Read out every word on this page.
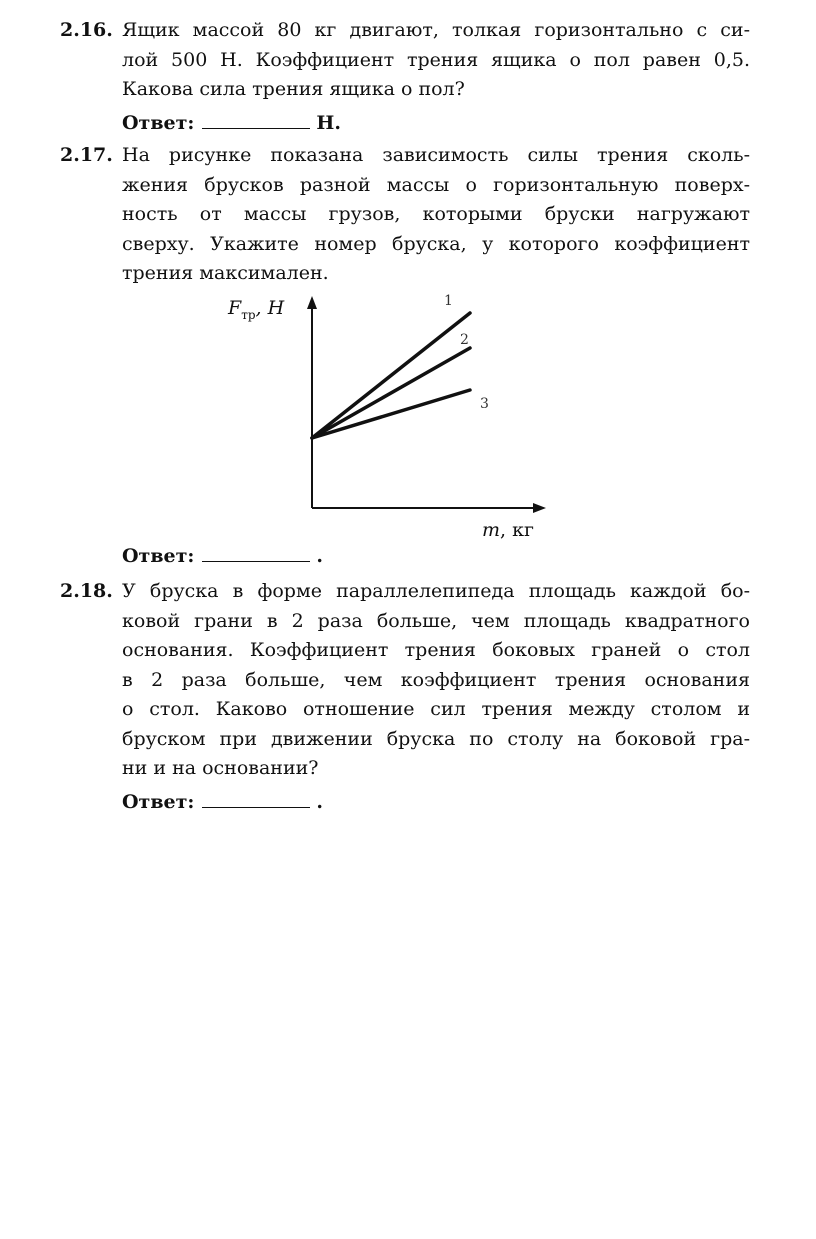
2.16. Ящик массой 80 кг двигают, толкая горизонтально с си-
лой 500 Н. Коэффициент трения ящика о пол равен 0,5.
Какова сила трения ящика о пол?
Ответ:	Н.
2.17. На рисунке показана зависимость силы трения сколь-
жения брусков разной массы о горизонтальную поверх-
ность от массы грузов, которыми бруски нагружают
сверху. Укажите номер бруска, у которого коэффициент
трения максимален.
$F_{тр}$, Н
m, кг
1
2
3
Ответ:	.
2.18. У бруска в форме параллелепипеда площадь каждой бо-
ковой грани в 2 раза больше, чем площадь квадратного
основания. Коэффициент трения боковых граней о стол
в 2 раза больше, чем коэффициент трения основания
о стол. Каково отношение сил трения между столом и
бруском при движении бруска по столу на боковой гра-
ни и на основании?
Ответ:	.
